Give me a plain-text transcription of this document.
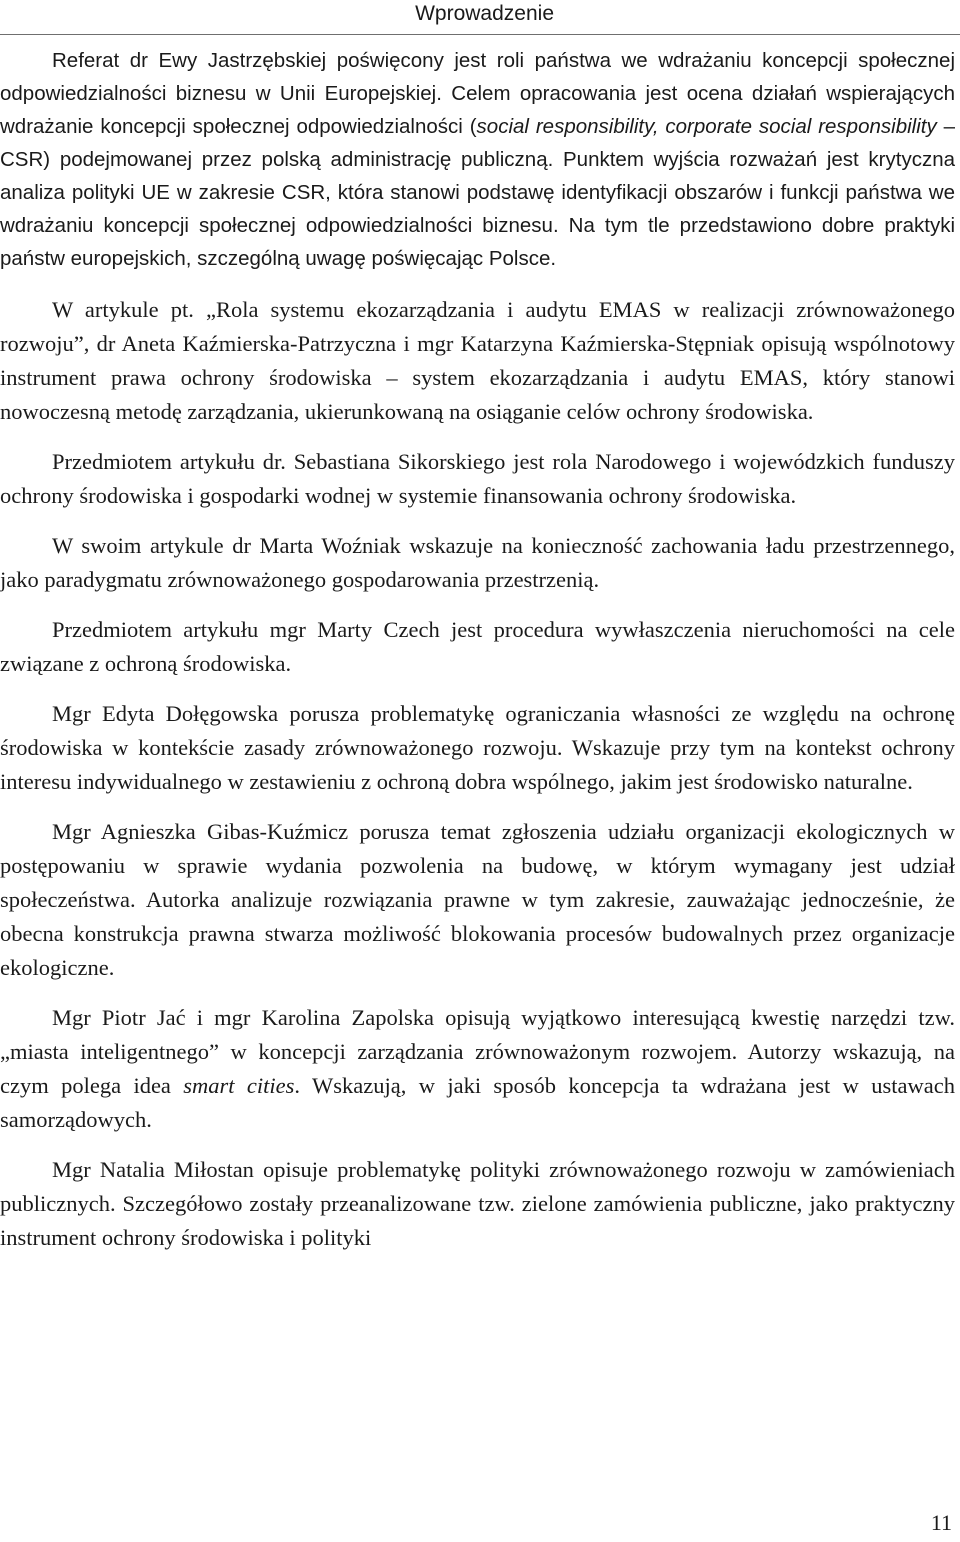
Wprowadzenie

Referat dr Ewy Jastrzębskiej poświęcony jest roli państwa we wdrażaniu koncepcji społecznej odpowiedzialności biznesu w Unii Europejskiej. Celem opracowania jest ocena działań wspierających wdrażanie koncepcji społecznej odpowiedzialności (social responsibility, corporate social responsibility – CSR) podejmowanej przez polską administrację publiczną. Punktem wyjścia rozważań jest krytyczna analiza polityki UE w zakresie CSR, która stanowi podstawę identyfikacji obszarów i funkcji państwa we wdrażaniu koncepcji społecznej odpowiedzialności biznesu. Na tym tle przedstawiono dobre praktyki państw europejskich, szczególną uwagę poświęcając Polsce.

W artykule pt. „Rola systemu ekozarządzania i audytu EMAS w realizacji zrównoważonego rozwoju”, dr Aneta Kaźmierska-Patrzyczna i mgr Katarzyna Kaźmierska-Stępniak opisują wspólnotowy instrument prawa ochrony środowiska – system ekozarządzania i audytu EMAS, który stanowi nowoczesną metodę zarządzania, ukierunkowaną na osiąganie celów ochrony środowiska.

Przedmiotem artykułu dr. Sebastiana Sikorskiego jest rola Narodowego i wojewódzkich funduszy ochrony środowiska i gospodarki wodnej w systemie finansowania ochrony środowiska.

W swoim artykule dr Marta Woźniak wskazuje na konieczność zachowania ładu przestrzennego, jako paradygmatu zrównoważonego gospodarowania przestrzenią.

Przedmiotem artykułu mgr Marty Czech jest procedura wywłaszczenia nieruchomości na cele związane z ochroną środowiska.

Mgr Edyta Dołęgowska porusza problematykę ograniczania własności ze względu na ochronę środowiska w kontekście zasady zrównoważonego rozwoju. Wskazuje przy tym na kontekst ochrony interesu indywidualnego w zestawieniu z ochroną dobra wspólnego, jakim jest środowisko naturalne.

Mgr Agnieszka Gibas-Kuźmicz porusza temat zgłoszenia udziału organizacji ekologicznych w postępowaniu w sprawie wydania pozwolenia na budowę, w którym wymagany jest udział społeczeństwa. Autorka analizuje rozwiązania prawne w tym zakresie, zauważając jednocześnie, że obecna konstrukcja prawna stwarza możliwość blokowania procesów budowalnych przez organizacje ekologiczne.

Mgr Piotr Jać i mgr Karolina Zapolska opisują wyjątkowo interesującą kwestię narzędzi tzw. „miasta inteligentnego” w koncepcji zarządzania zrównoważonym rozwojem. Autorzy wskazują, na czym polega idea smart cities. Wskazują, w jaki sposób koncepcja ta wdrażana jest w ustawach samorządowych.

Mgr Natalia Miłostan opisuje problematykę polityki zrównoważonego rozwoju w zamówieniach publicznych. Szczegółowo zostały przeanalizowane tzw. zielone zamówienia publiczne, jako praktyczny instrument ochrony środowiska i polityki

11
